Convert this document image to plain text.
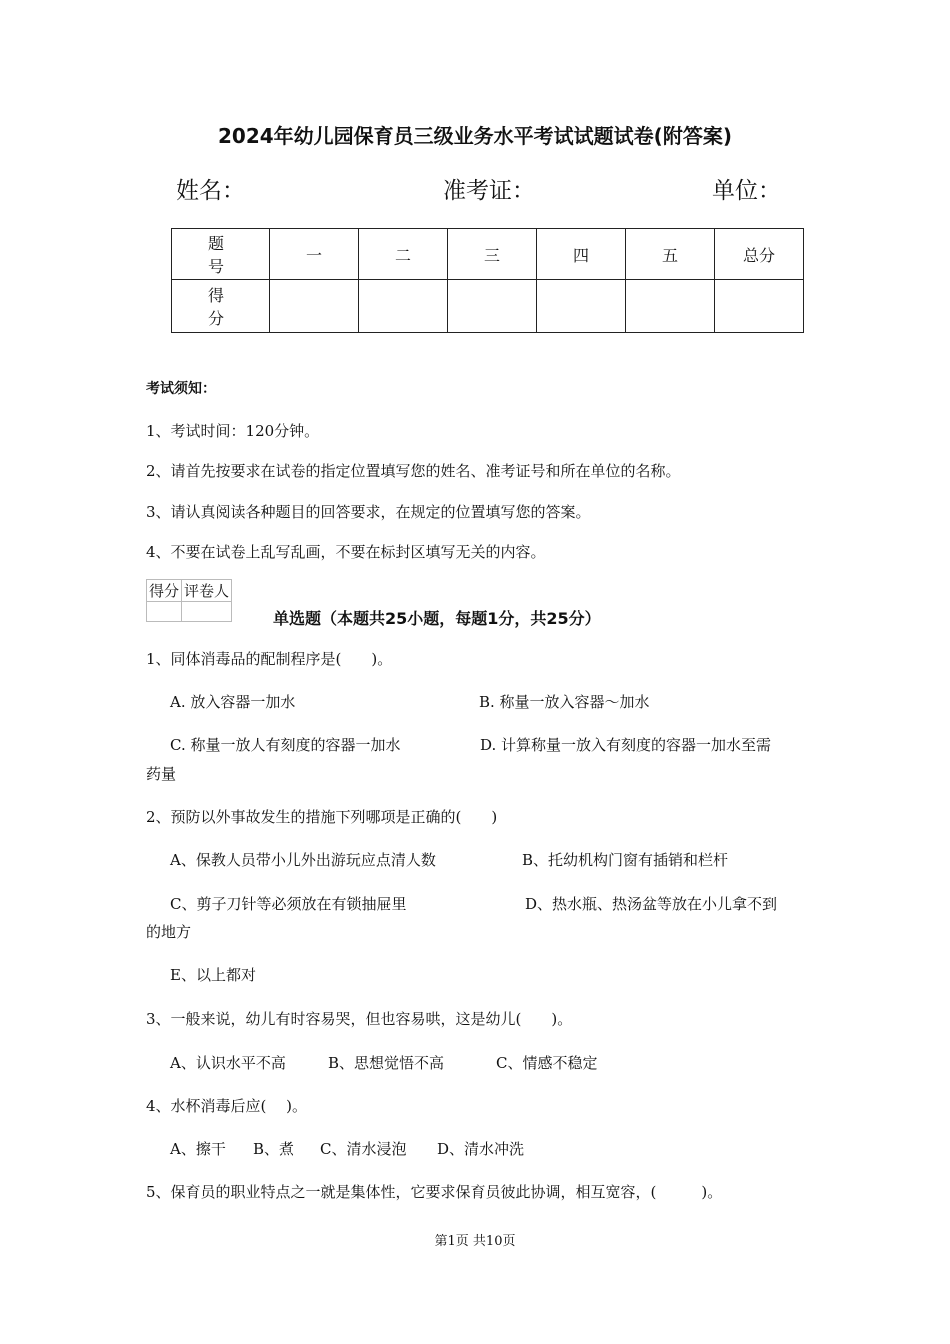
2024年幼儿园保育员三级业务水平考试试题试卷(附答案)
姓名：	准考证：	单位：
题　号	一	二	三	四	五	总分
得　分						
考试须知：
1、考试时间：120分钟。
2、请首先按要求在试卷的指定位置填写您的姓名、准考证号和所在单位的名称。
3、请认真阅读各种题目的回答要求，在规定的位置填写您的答案。
4、不要在试卷上乱写乱画，不要在标封区填写无关的内容。
得分	评卷人

单选题（本题共25小题，每题1分，共25分）
1、同体消毒品的配制程序是(　　)。
A. 放入容器一加水	B. 称量一放入容器～加水
C. 称量一放人有刻度的容器一加水	D. 计算称量一放入有刻度的容器一加水至需
药量
2、预防以外事故发生的措施下列哪项是正确的(　　)
A、保教人员带小儿外出游玩应点清人数	B、托幼机构门窗有插销和栏杆
C、剪子刀针等必须放在有锁抽屉里	D、热水瓶、热汤盆等放在小儿拿不到
的地方
E、以上都对
3、一般来说，幼儿有时容易哭，但也容易哄，这是幼儿(　　)。
A、认识水平不高	B、思想觉悟不高	C、情感不稳定
4、水杯消毒后应(　 )。
A、擦干 B、煮 C、清水浸泡 D、清水冲洗
5、保育员的职业特点之一就是集体性，它要求保育员彼此协调，相互宽容，(　　　)。
第1页 共10页
